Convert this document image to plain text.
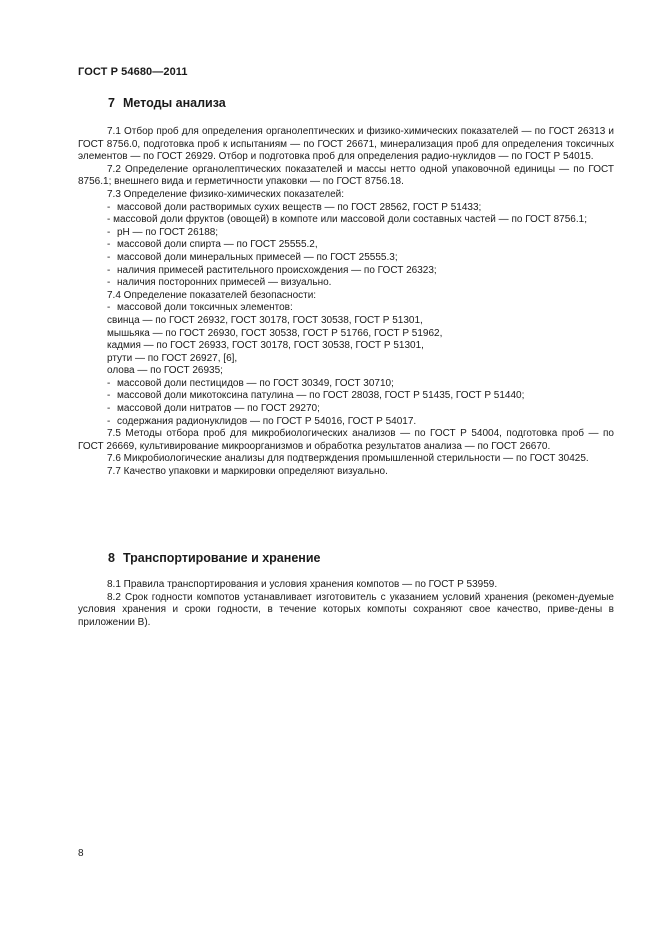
ГОСТ Р 54680—2011
7 Методы анализа

7.1 Отбор проб для определения органолептических и физико-химических показателей — по ГОСТ 26313 и ГОСТ 8756.0, подготовка проб к испытаниям — по ГОСТ 26671, минерализация проб для определения токсичных элементов — по ГОСТ 26929. Отбор и подготовка проб для определения радио-нуклидов — по ГОСТ Р 54015.

7.2 Определение органолептических показателей и массы нетто одной упаковочной единицы — по ГОСТ 8756.1; внешнего вида и герметичности упаковки — по ГОСТ 8756.18.

7.3 Определение физико-химических показателей:

- массовой доли растворимых сухих веществ — по ГОСТ 28562, ГОСТ Р 51433;

- массовой доли фруктов (овощей) в компоте или массовой доли составных частей — по ГОСТ 8756.1;

- pH — по ГОСТ 26188;

- массовой доли спирта — по ГОСТ 25555.2,

- массовой доли минеральных примесей — по ГОСТ 25555.3;

- наличия примесей растительного происхождения — по ГОСТ 26323;

- наличия посторонних примесей — визуально.

7.4 Определение показателей безопасности:

- массовой доли токсичных элементов:

свинца — по ГОСТ 26932, ГОСТ 30178, ГОСТ 30538, ГОСТ Р 51301,

мышьяка — по ГОСТ 26930, ГОСТ 30538, ГОСТ Р 51766, ГОСТ Р 51962,

кадмия — по ГОСТ 26933, ГОСТ 30178, ГОСТ 30538, ГОСТ Р 51301,

ртути — по ГОСТ 26927, [6],

олова — по ГОСТ 26935;

- массовой доли пестицидов — по ГОСТ 30349, ГОСТ 30710;

- массовой доли микотоксина патулина — по ГОСТ 28038, ГОСТ Р 51435, ГОСТ Р 51440;

- массовой доли нитратов — по ГОСТ 29270;

- содержания радионуклидов — по ГОСТ Р 54016, ГОСТ Р 54017.

7.5 Методы отбора проб для микробиологических анализов — по ГОСТ Р 54004, подготовка проб — по ГОСТ 26669, культивирование микроорганизмов и обработка результатов анализа — по ГОСТ 26670.

7.6 Микробиологические анализы для подтверждения промышленной стерильности — по ГОСТ 30425.

7.7 Качество упаковки и маркировки определяют визуально.

8 Транспортирование и хранение

8.1 Правила транспортирования и условия хранения компотов — по ГОСТ Р 53959.

8.2 Срок годности компотов устанавливает изготовитель с указанием условий хранения (рекомен-дуемые условия хранения и сроки годности, в течение которых компоты сохраняют свое качество, приве-дены в приложении В).

8
